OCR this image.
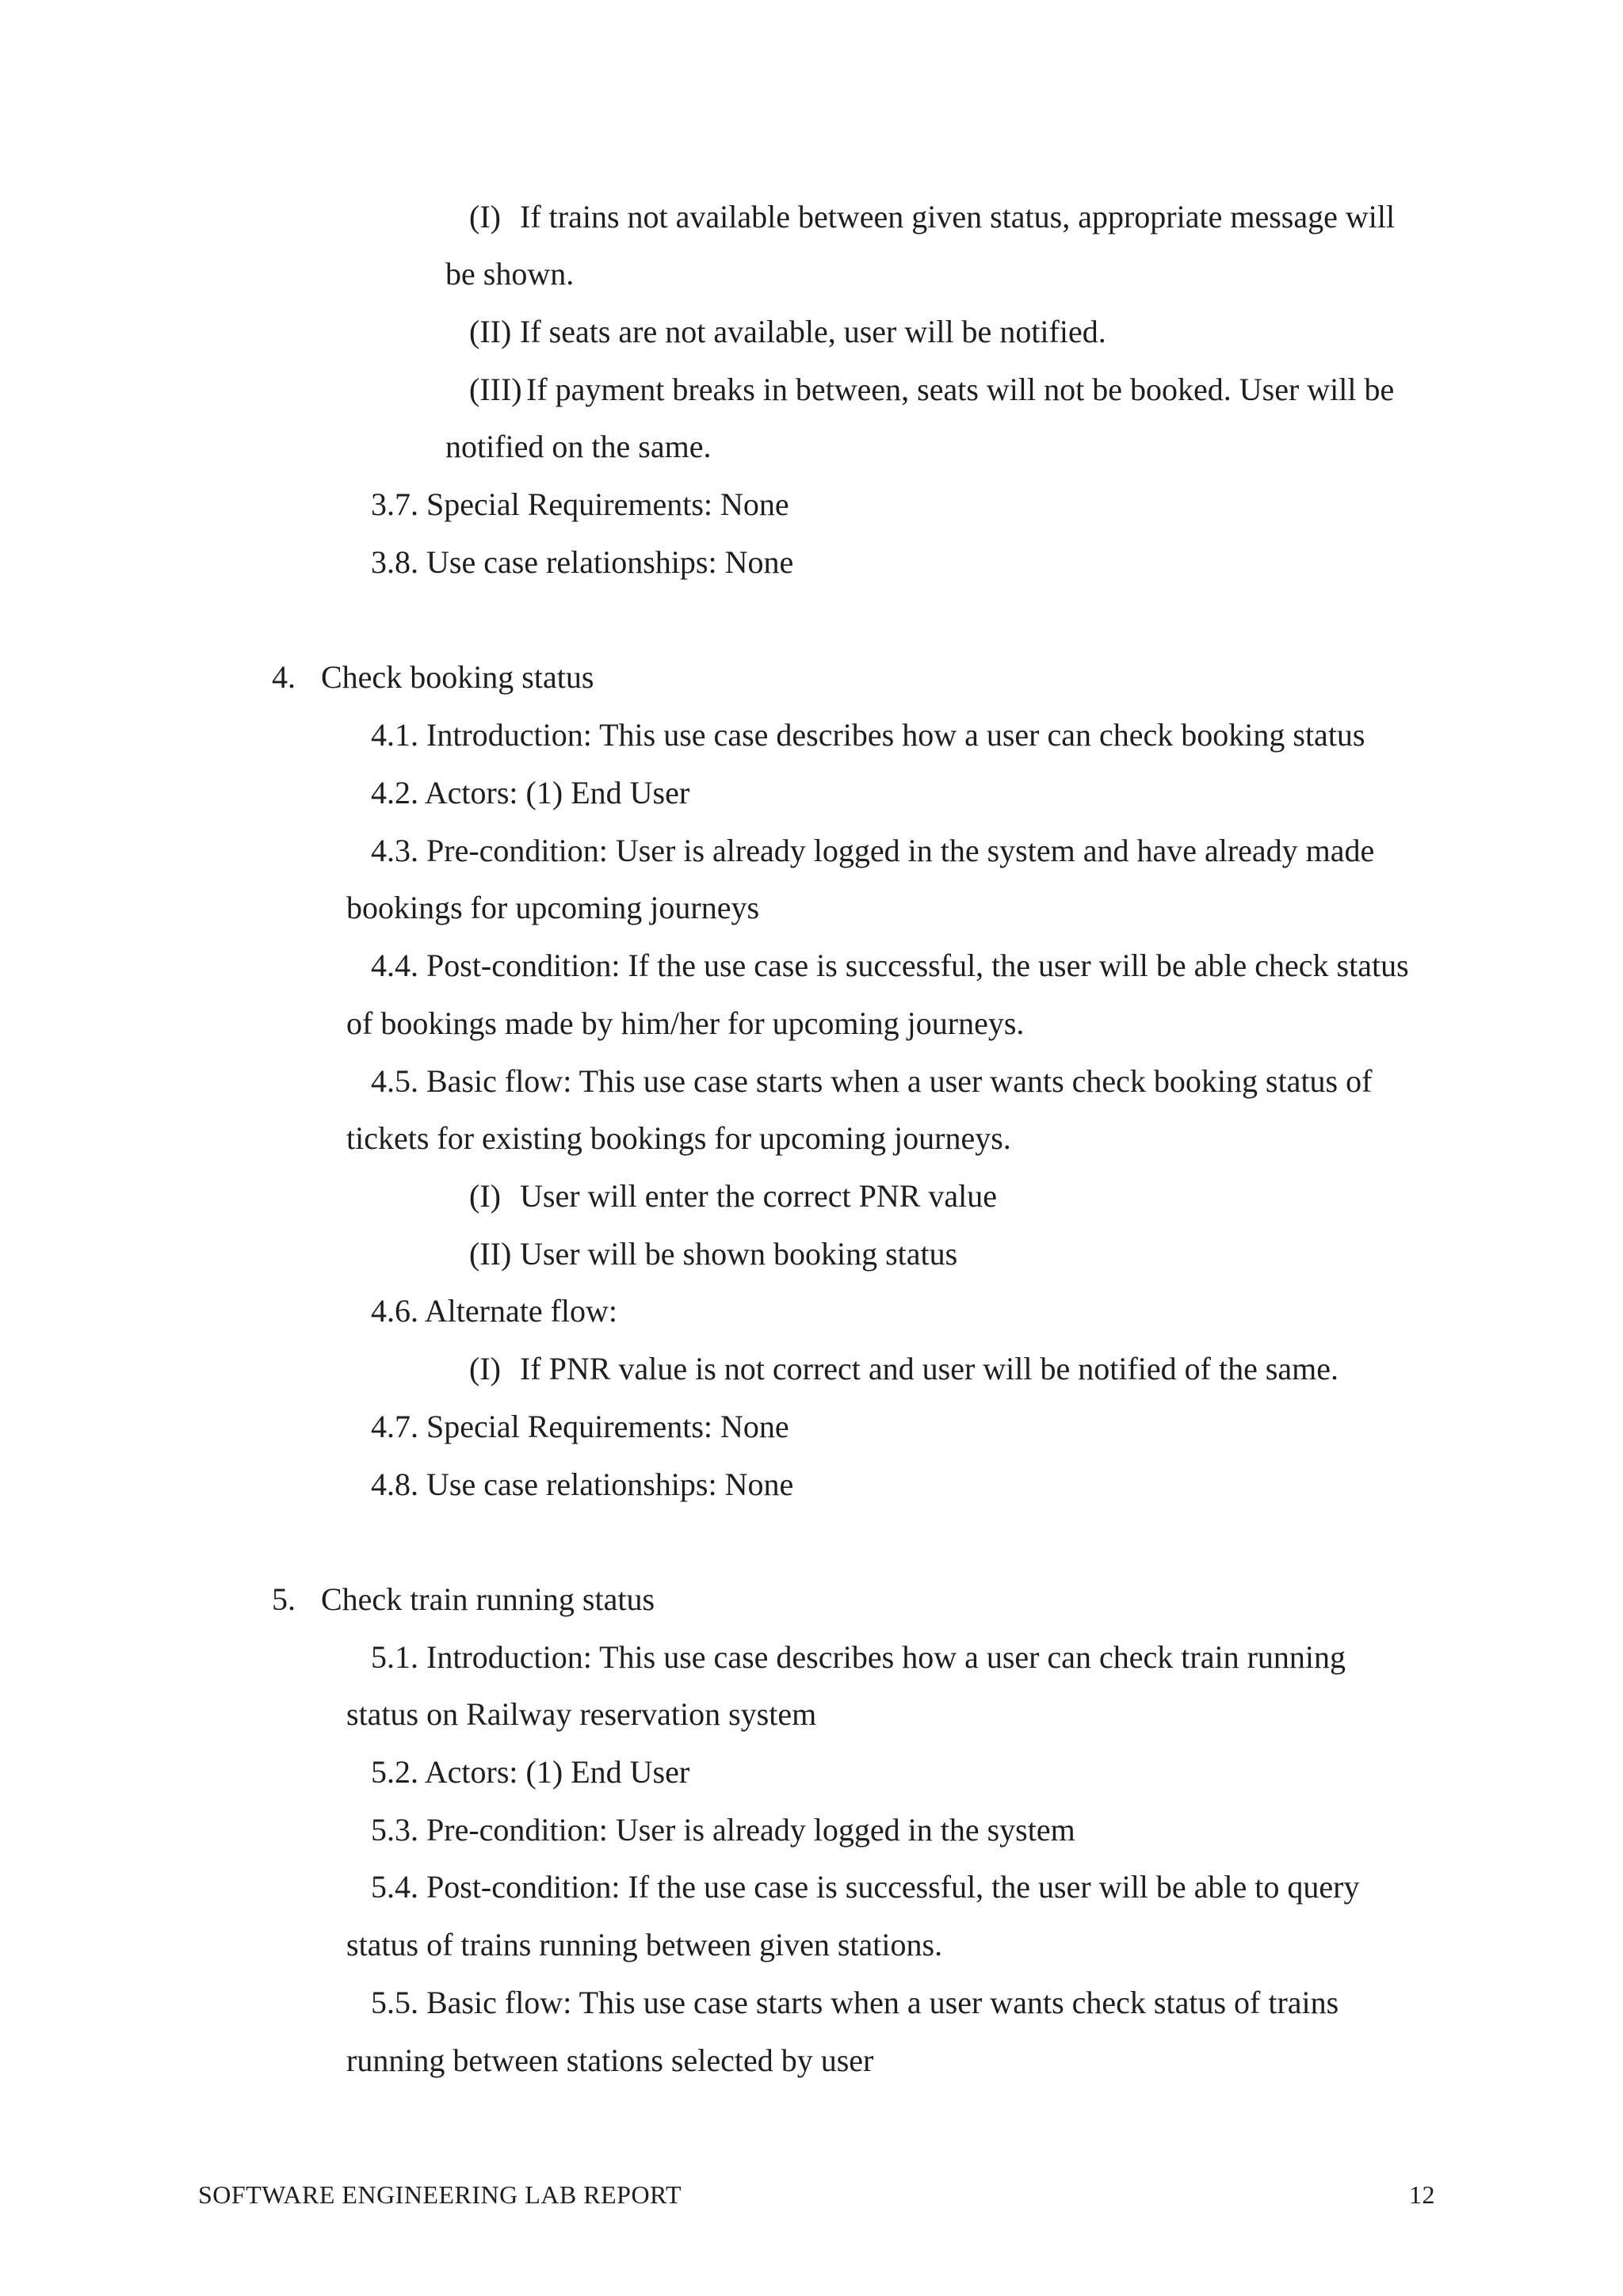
(I) If trains not available between given status, appropriate message will
be shown.
(II) If seats are not available, user will be notified.
(III) If payment breaks in between, seats will not be booked. User will be
notified on the same.
3.7. Special Requirements: None
3.8. Use case relationships: None
4. Check booking status
4.1. Introduction: This use case describes how a user can check booking status
4.2. Actors: (1) End User
4.3. Pre-condition: User is already logged in the system and have already made
bookings for upcoming journeys
4.4. Post-condition: If the use case is successful, the user will be able check status
of bookings made by him/her for upcoming journeys.
4.5. Basic flow: This use case starts when a user wants check booking status of
tickets for existing bookings for upcoming journeys.
(I) User will enter the correct PNR value
(II) User will be shown booking status
4.6. Alternate flow:
(I) If PNR value is not correct and user will be notified of the same.
4.7. Special Requirements: None
4.8. Use case relationships: None
5. Check train running status
5.1. Introduction: This use case describes how a user can check train running
status on Railway reservation system
5.2. Actors: (1) End User
5.3. Pre-condition: User is already logged in the system
5.4. Post-condition: If the use case is successful, the user will be able to query
status of trains running between given stations.
5.5. Basic flow: This use case starts when a user wants check status of trains
running between stations selected by user
SOFTWARE ENGINEERING LAB REPORT	12
